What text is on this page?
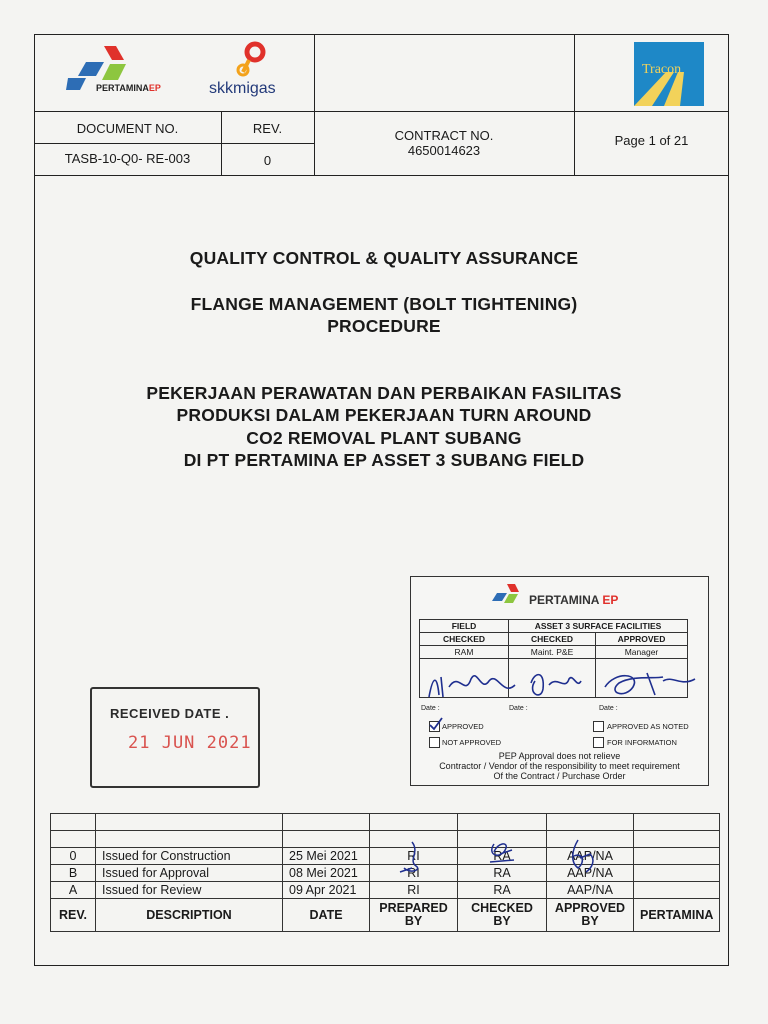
PERTAMINAEP	skkmigas
Tracon
DOCUMENT NO.
TASB-10-Q0- RE-003
REV.
0
CONTRACT NO.
4650014623
Page 1 of 21
QUALITY CONTROL & QUALITY ASSURANCE
FLANGE MANAGEMENT (BOLT TIGHTENING)
PROCEDURE
PEKERJAAN PERAWATAN DAN PERBAIKAN FASILITAS
PRODUKSI DALAM PEKERJAAN TURN AROUND
CO2 REMOVAL PLANT SUBANG
DI PT PERTAMINA EP ASSET 3 SUBANG FIELD
PERTAMINA EP
FIELD	ASSET 3 SURFACE FACILITIES	
CHECKED	CHECKED	APPROVED
RAM	Maint. P&E	Manager

Date :	Date :	Date :
APPROVED	APPROVED AS NOTED
NOT APPROVED	FOR INFORMATION
PEP Approval does not relieve
Contractor / Vendor of the responsibility to meet requirement
Of the Contract / Purchase Order
RECEIVED DATE .
21 JUN 2021

0	Issued for Construction	25 Mei 2021	RI	RA	AAP/NA	
B	Issued for Approval	08 Mei 2021	RI	RA	AAP/NA	
A	Issued for Review	09 Apr 2021	RI	RA	AAP/NA	
REV.	DESCRIPTION	DATE	PREPARED BY	CHECKED BY	APPROVED BY	PERTAMINA
